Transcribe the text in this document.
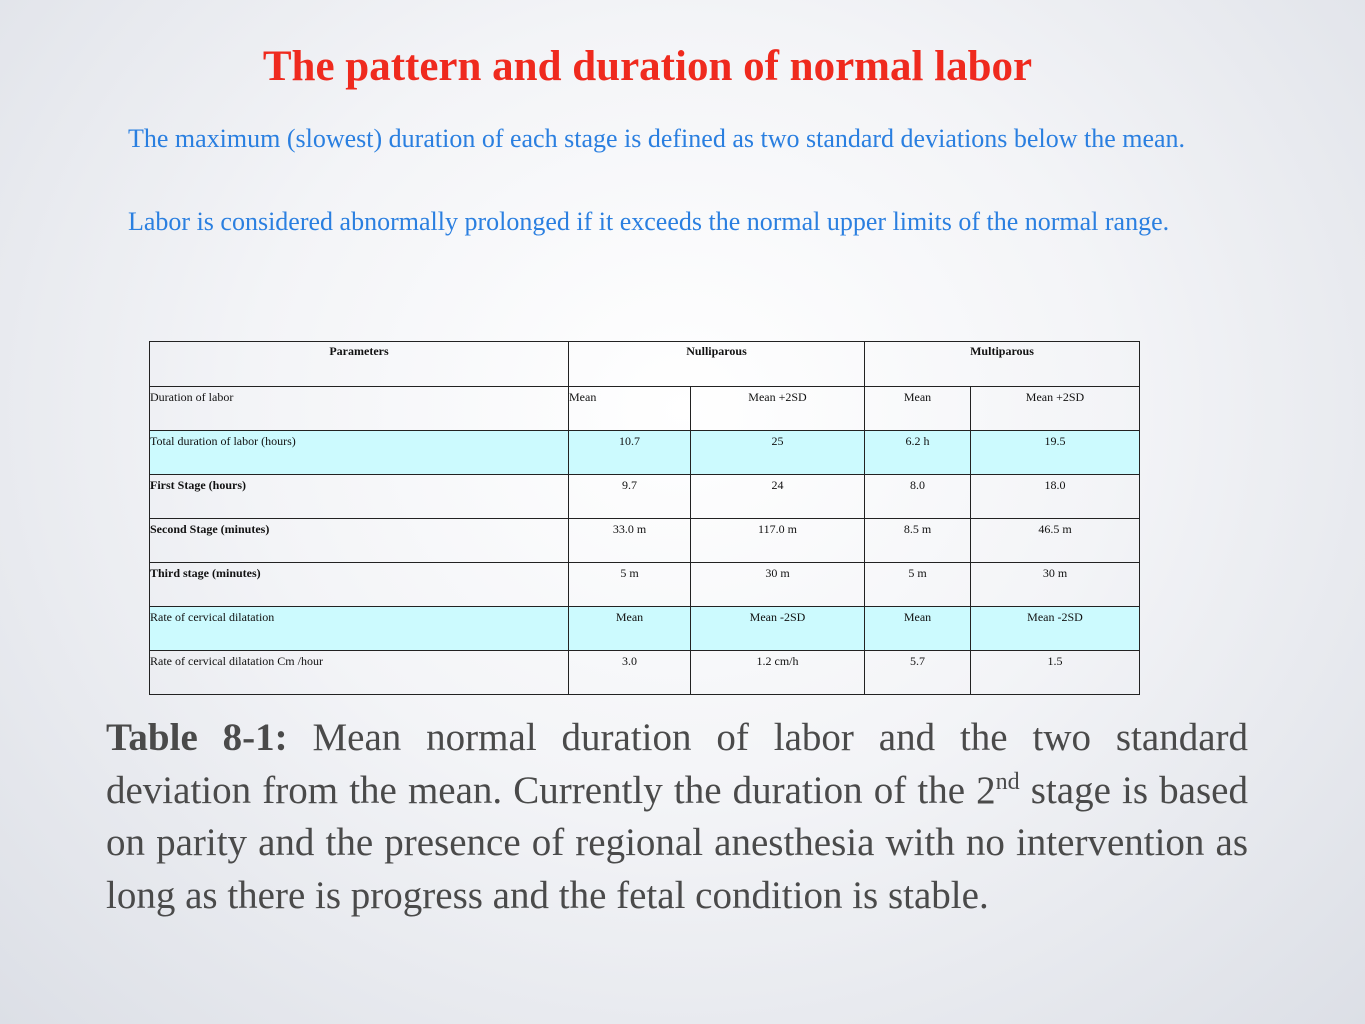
The pattern and duration of normal labor

The maximum (slowest) duration of each stage is defined as two standard deviations below the mean.

Labor is considered abnormally prolonged if it exceeds the normal upper limits of the normal range.

Parameters	Nulliparous		Multiparous	
Duration of labor	Mean	Mean +2SD	Mean	Mean +2SD
Total duration of labor (hours)	10.7	25	6.2 h	19.5
First Stage (hours)	9.7	24	8.0	18.0
Second Stage (minutes)	33.0 m	117.0 m	8.5 m	46.5 m
Third stage (minutes)	5 m	30 m	5 m	30 m
Rate of cervical dilatation	Mean	Mean -2SD	Mean	Mean -2SD
Rate of cervical dilatation Cm /hour	3.0	1.2 cm/h	5.7	1.5

Table 8-1: Mean normal duration of labor and the two standard deviation from the mean. Currently the duration of the 2nd stage is based on parity and the presence of regional anesthesia with no intervention as long as there is progress and the fetal condition is stable.
